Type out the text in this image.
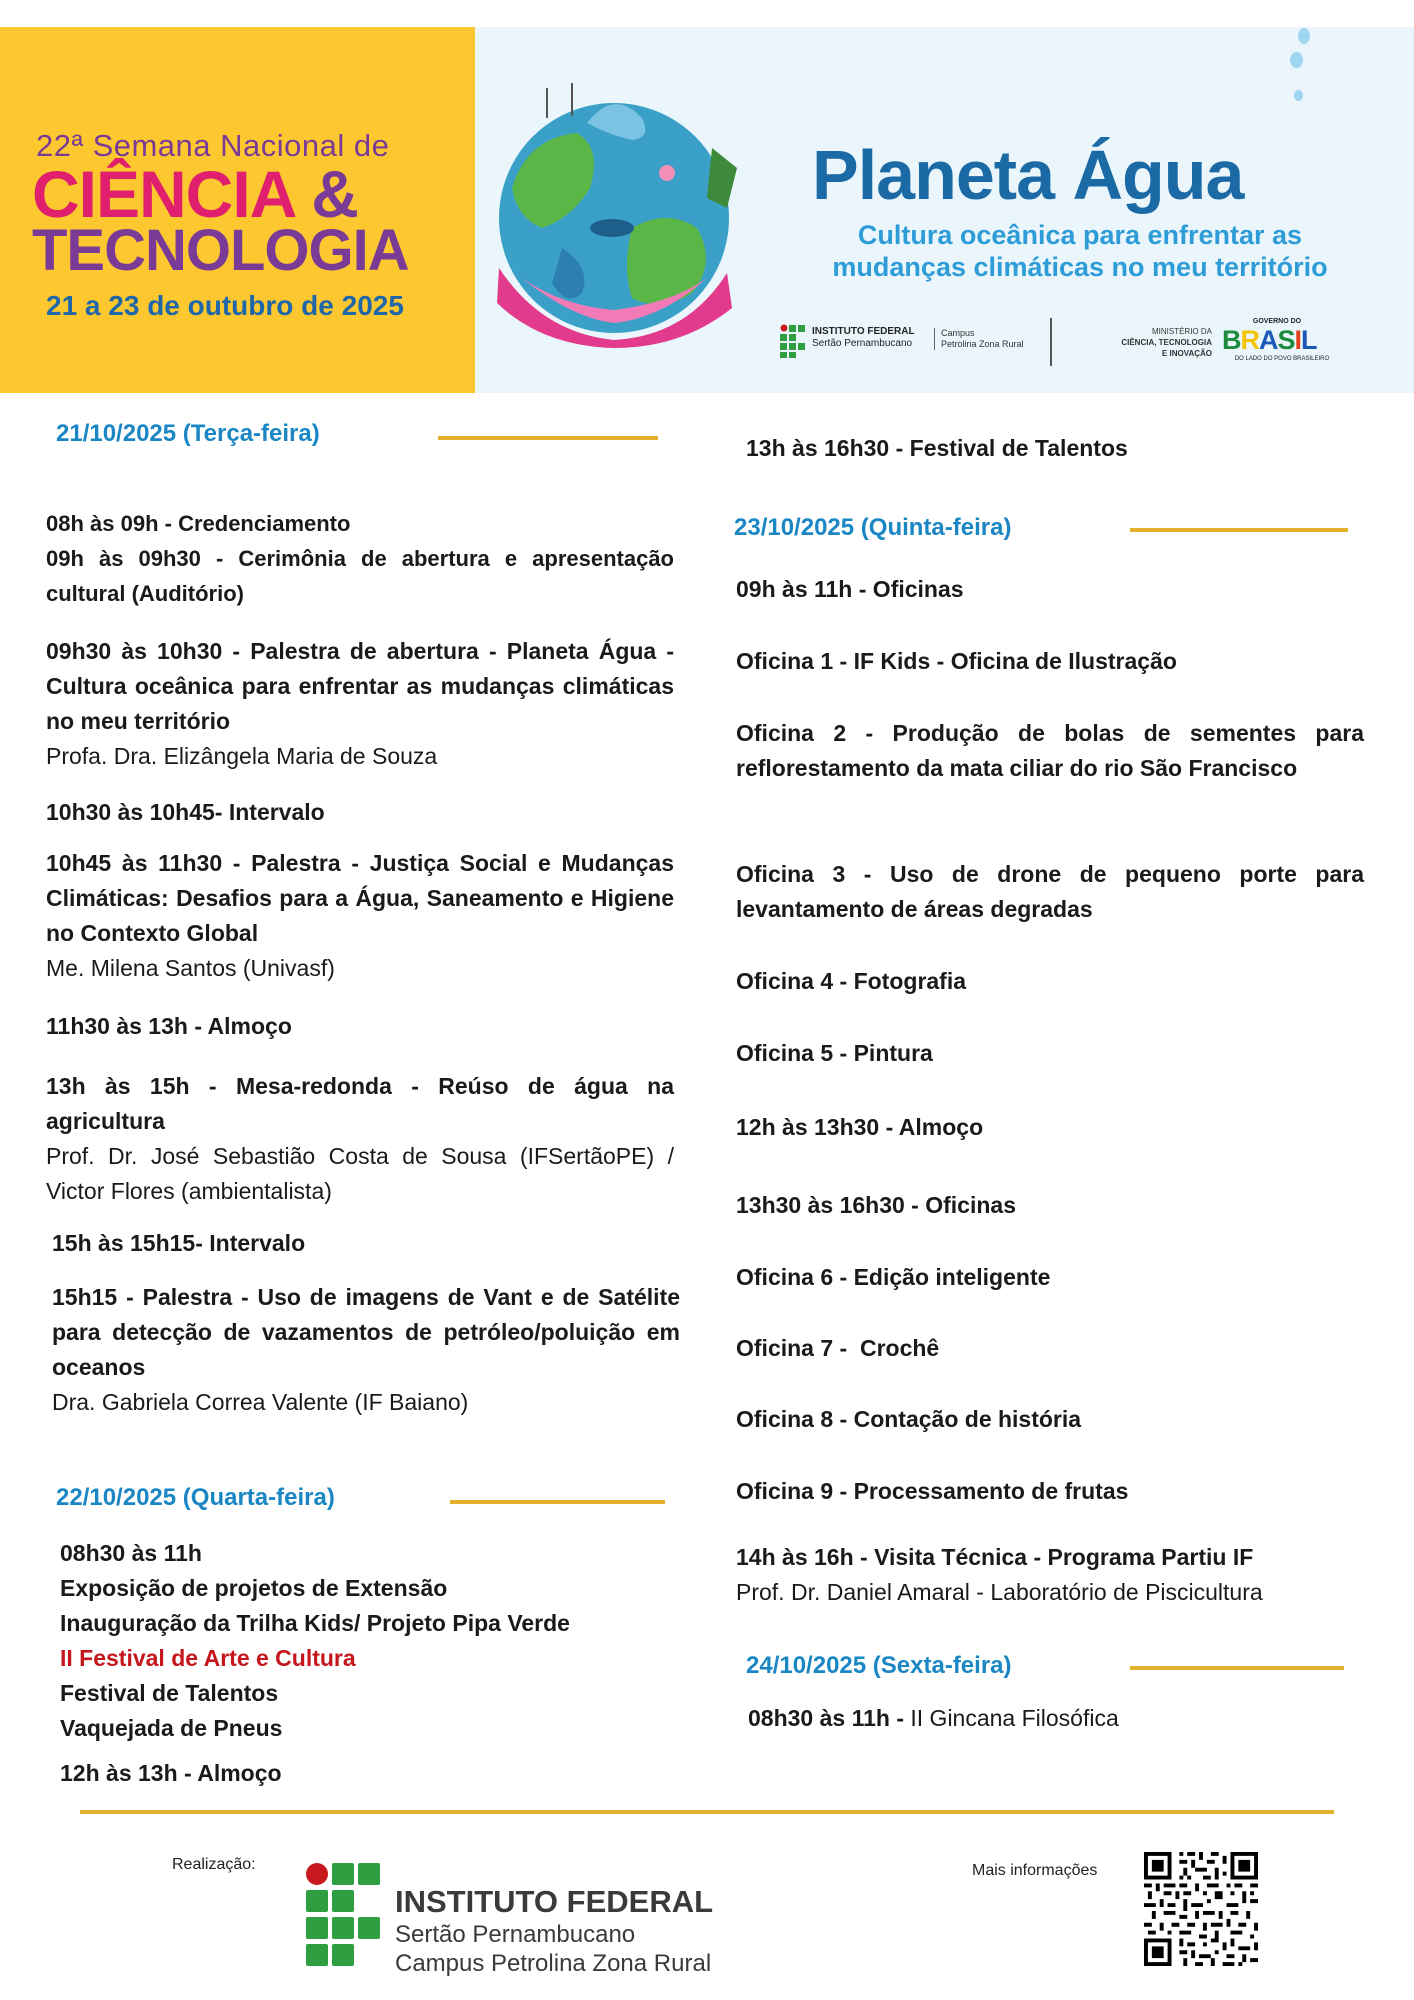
22ª Semana Nacional de
CIÊNCIA &
TECNOLOGIA
21 a 23 de outubro de 2025
Planeta Água
Cultura oceânica para enfrentar as
mudanças climáticas no meu território
INSTITUTO FEDERAL
Sertão Pernambucano
Campus
Petrolina Zona Rural
MINISTÉRIO DA
CIÊNCIA, TECNOLOGIA
E INOVAÇÃO
GOVERNO DO
BRASIL
DO LADO DO POVO BRASILEIRO
21/10/2025 (Terça-feira)
08h às 09h - Credenciamento
09h às 09h30 - Cerimônia de abertura e apresentação cultural (Auditório)
09h30 às 10h30 - Palestra de abertura - Planeta Água - Cultura oceânica para enfrentar as mudanças climáticas no meu território
Profa. Dra. Elizângela Maria de Souza
10h30 às 10h45- Intervalo
10h45 às 11h30 - Palestra - Justiça Social e Mudanças Climáticas: Desafios para a Água, Saneamento e Higiene no Contexto Global
Me. Milena Santos (Univasf)
11h30 às 13h - Almoço
13h às 15h - Mesa-redonda - Reúso de água na agricultura
Prof. Dr. José Sebastião Costa de Sousa (IFSertãoPE) / Victor Flores (ambientalista)
15h às 15h15- Intervalo
15h15 - Palestra - Uso de imagens de Vant e de Satélite para detecção de vazamentos de petróleo/poluição em oceanos
Dra. Gabriela Correa Valente (IF Baiano)
13h às 16h30 - Festival de Talentos
22/10/2025 (Quarta-feira)
08h30 às 11h
Exposição de projetos de Extensão
Inauguração da Trilha Kids/ Projeto Pipa Verde
II Festival de Arte e Cultura
Festival de Talentos
Vaquejada de Pneus
12h às 13h - Almoço
23/10/2025 (Quinta-feira)
09h às 11h - Oficinas
Oficina 1 - IF Kids - Oficina de Ilustração
Oficina 2 - Produção de bolas de sementes para reflorestamento da mata ciliar do rio São Francisco
Oficina 3 - Uso de drone de pequeno porte para levantamento de áreas degradas
Oficina 4 - Fotografia
Oficina 5 - Pintura
12h às 13h30 - Almoço
13h30 às 16h30 - Oficinas
Oficina 6 - Edição inteligente
Oficina 7 -  Crochê
Oficina 8 - Contação de história
Oficina 9 - Processamento de frutas
14h às 16h - Visita Técnica - Programa Partiu IF
Prof. Dr. Daniel Amaral - Laboratório de Piscicultura
24/10/2025 (Sexta-feira)
08h30 às 11h - II Gincana Filosófica
Realização:
INSTITUTO FEDERAL
Sertão Pernambucano
Campus Petrolina Zona Rural
Mais informações
